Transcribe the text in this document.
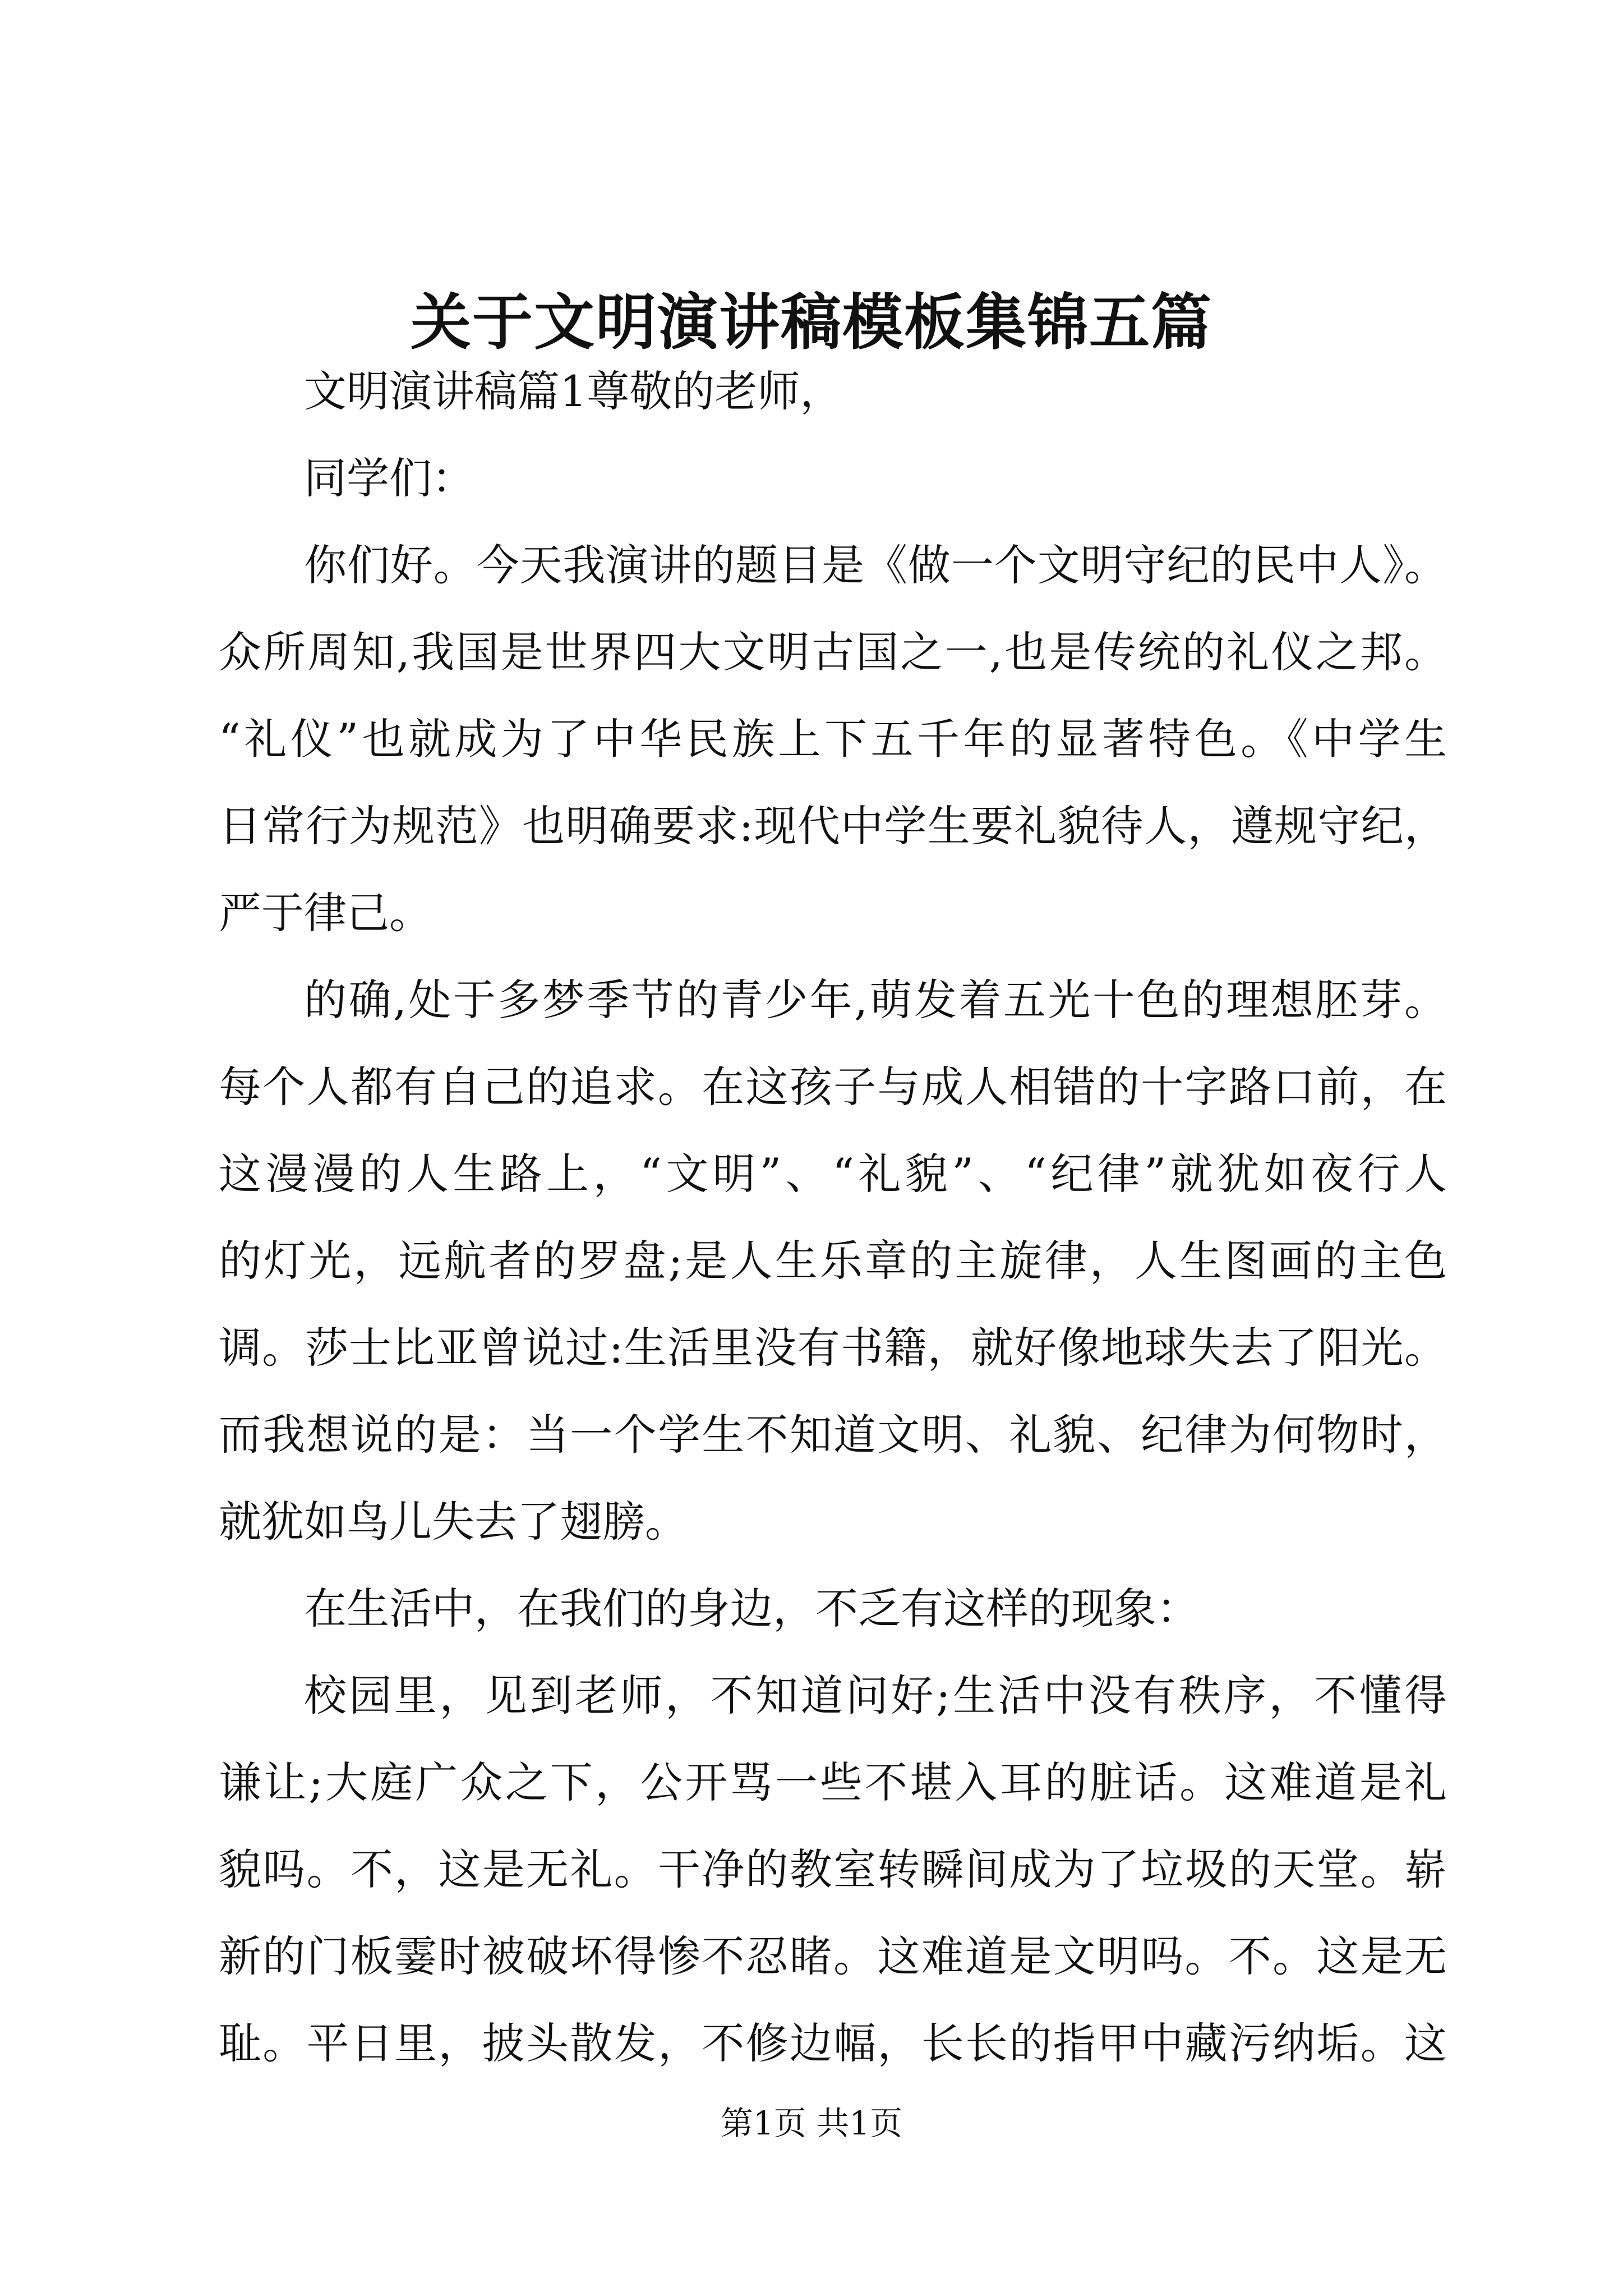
关于文明演讲稿模板集锦五篇
文明演讲稿篇1尊敬的老师，
同学们：
你们好。今天我演讲的题目是《做一个文明守纪的民中人》。
众所周知,我国是世界四大文明古国之一,也是传统的礼仪之邦。
“礼仪”也就成为了中华民族上下五千年的显著特色。《中学生
日常行为规范》也明确要求:现代中学生要礼貌待人，遵规守纪，
严于律己。
的确,处于多梦季节的青少年,萌发着五光十色的理想胚芽。
每个人都有自己的追求。在这孩子与成人相错的十字路口前，在
这漫漫的人生路上，“文明”、“礼貌”、“纪律”就犹如夜行人
的灯光，远航者的罗盘;是人生乐章的主旋律，人生图画的主色
调。莎士比亚曾说过:生活里没有书籍，就好像地球失去了阳光。
而我想说的是：当一个学生不知道文明、礼貌、纪律为何物时，
就犹如鸟儿失去了翅膀。
在生活中，在我们的身边，不乏有这样的现象：
校园里，见到老师，不知道问好;生活中没有秩序，不懂得
谦让;大庭广众之下，公开骂一些不堪入耳的脏话。这难道是礼
貌吗。不，这是无礼。干净的教室转瞬间成为了垃圾的天堂。崭
新的门板霎时被破坏得惨不忍睹。这难道是文明吗。不。这是无
耻。平日里，披头散发，不修边幅，长长的指甲中藏污纳垢。这
第1页 共1页
